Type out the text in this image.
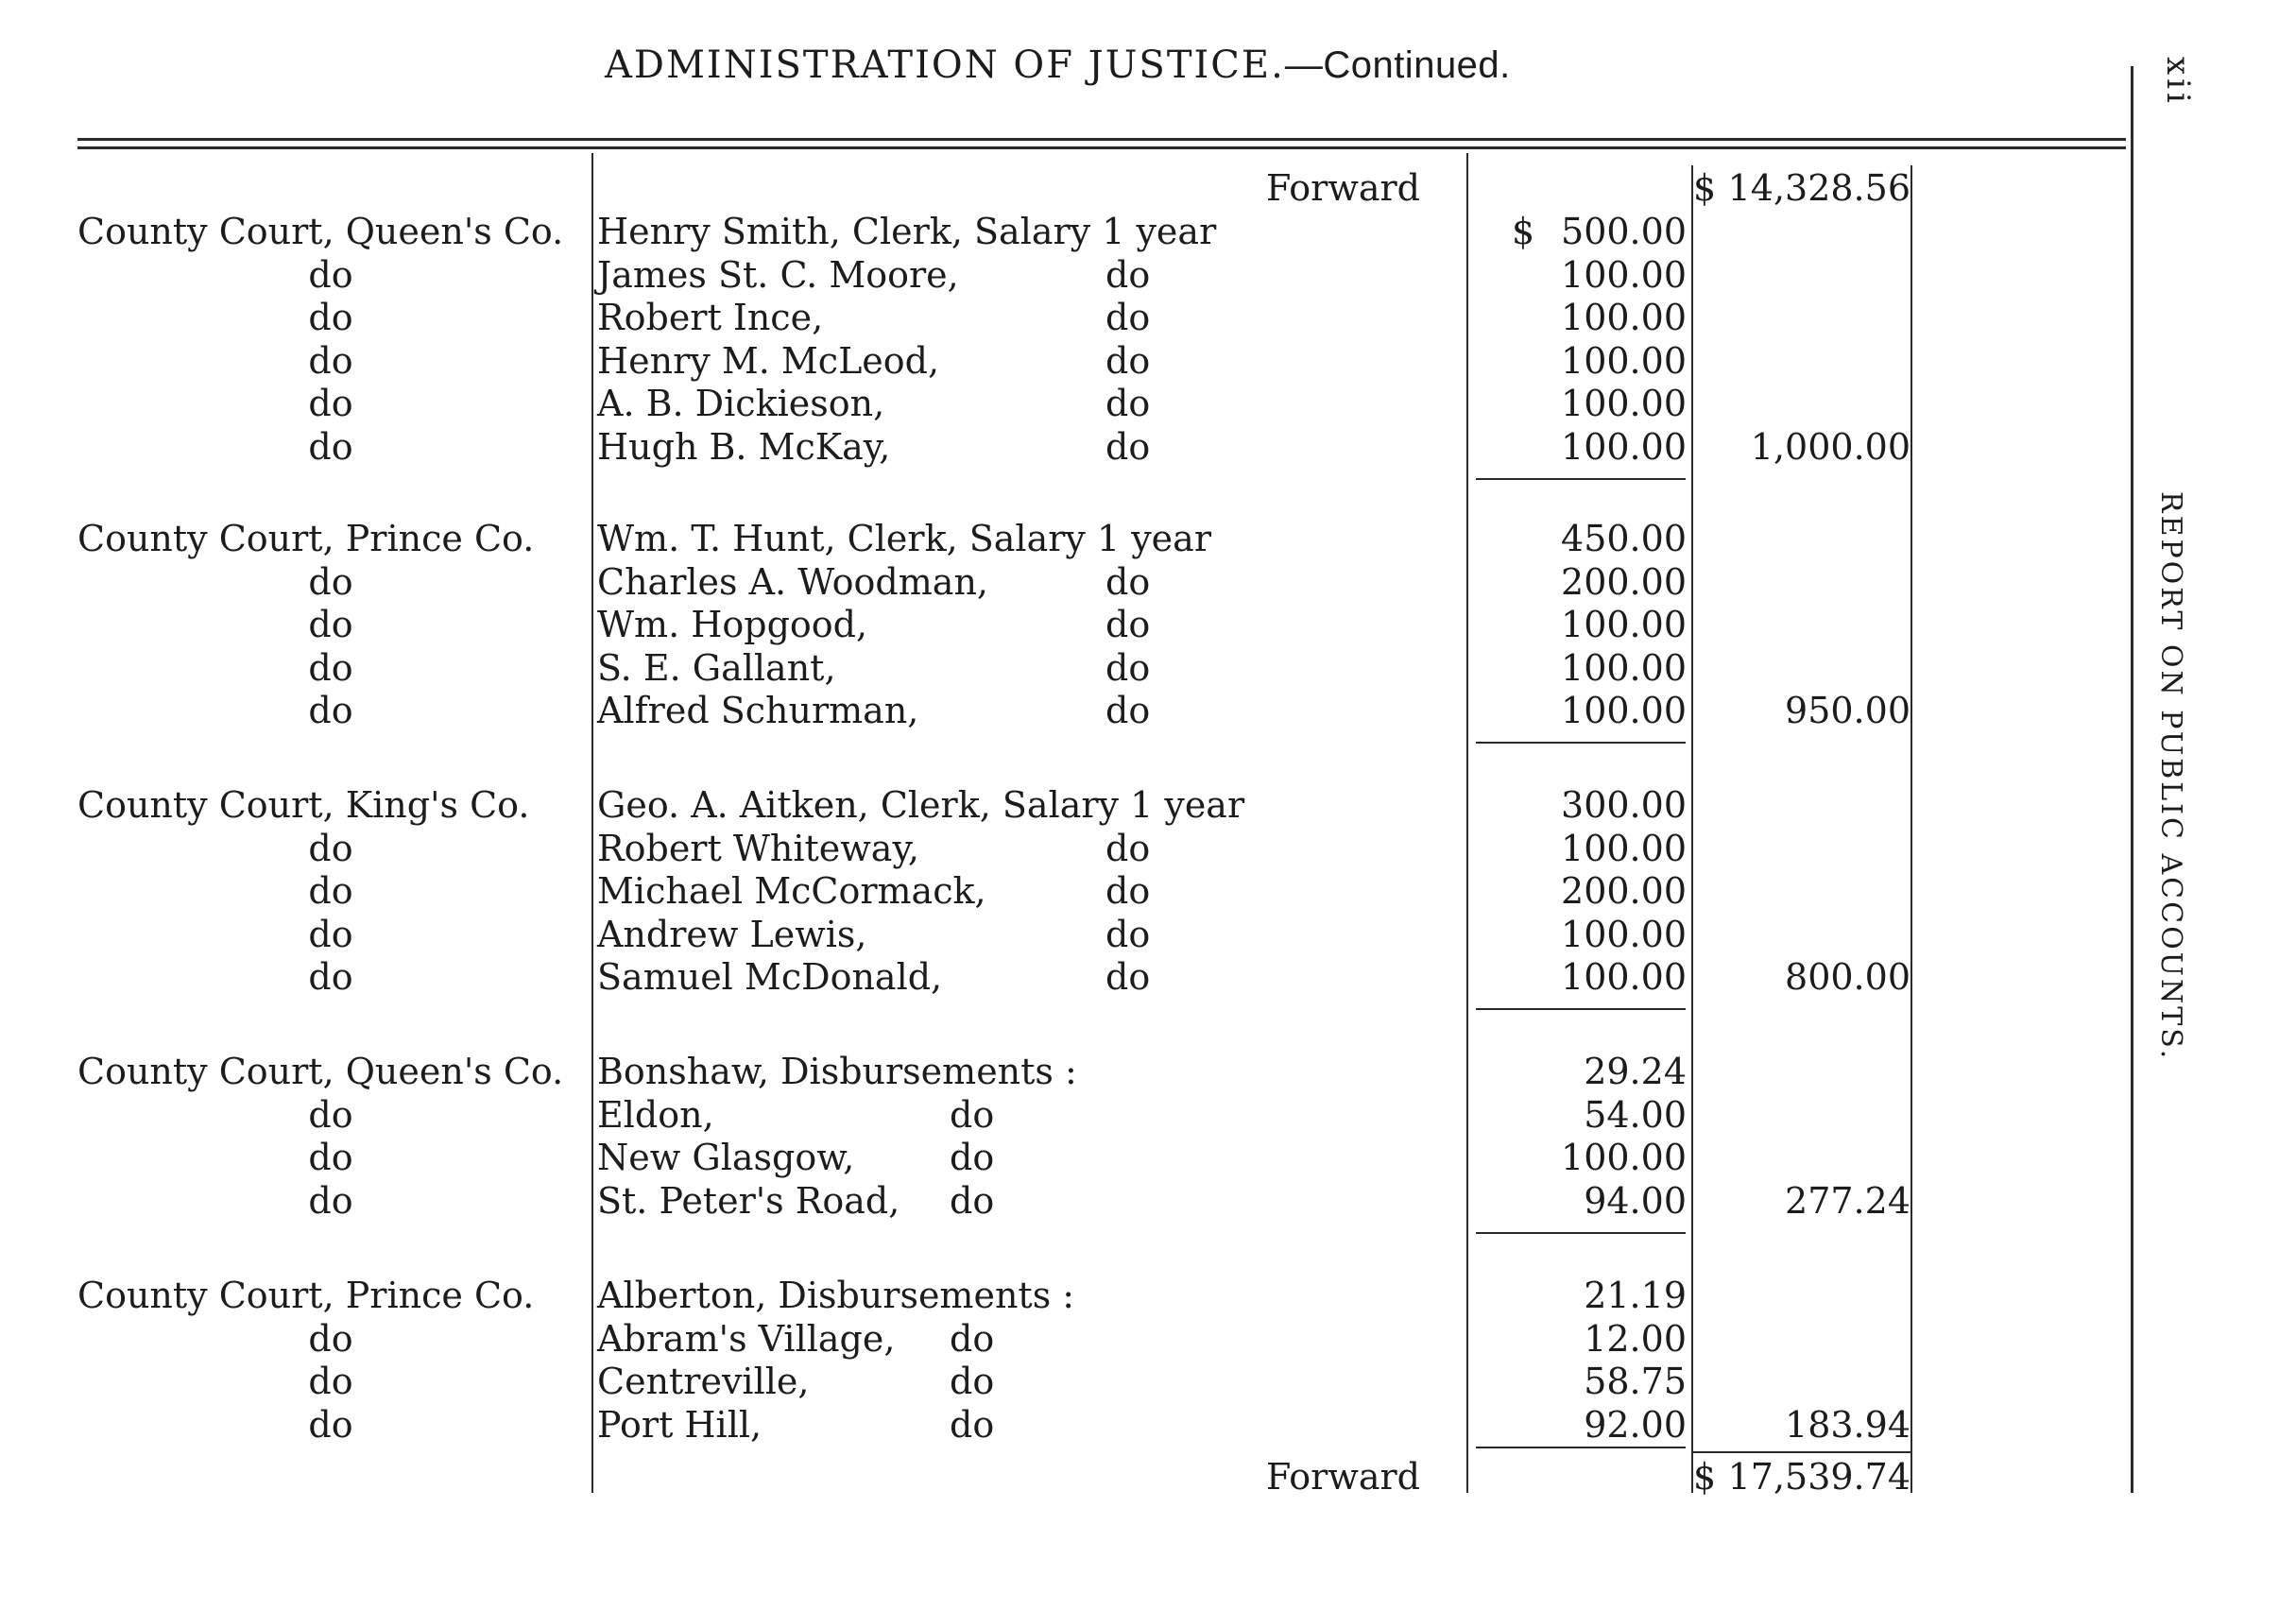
ADMINISTRATION OF JUSTICE.—Continued.	xii
REPORT ON PUBLIC ACCOUNTS.
Forward	$ 14,328.56
County Court, Queen's Co. Henry Smith, Clerk, Salary 1 year	$ 500.00
do	James St. C. Moore,	do	100.00
do	Robert Ince,	do	100.00
do	Henry M. McLeod,	do	100.00
do	A. B. Dickieson,	do	100.00
do	Hugh B. McKay,	do	100.00 1,000.00
County Court, Prince Co. Wm. T. Hunt, Clerk, Salary 1 year	450.00
do	Charles A. Woodman,	do	200.00
do	Wm. Hopgood,	do	100.00
do	S. E. Gallant,	do	100.00
do	Alfred Schurman,	do	100.00	950.00
County Court, King's Co. Geo. A. Aitken, Clerk, Salary 1 year	300.00
do	Robert Whiteway,	do	100.00
do	Michael McCormack,	do	200.00
do	Andrew Lewis,	do	100.00
do	Samuel McDonald,	do	100.00	800.00
County Court, Queen's Co. Bonshaw, Disbursements :	29.24
do	Eldon,	do	54.00
do	New Glasgow,	do	100.00
do	St. Peter's Road, do	94.00	277.24
County Court, Prince Co. Alberton, Disbursements :	21.19
do	Abram's Village, do	12.00
do	Centreville,	do	58.75
do	Port Hill,	do	92.00	183.94
Forward	$ 17,539.74
